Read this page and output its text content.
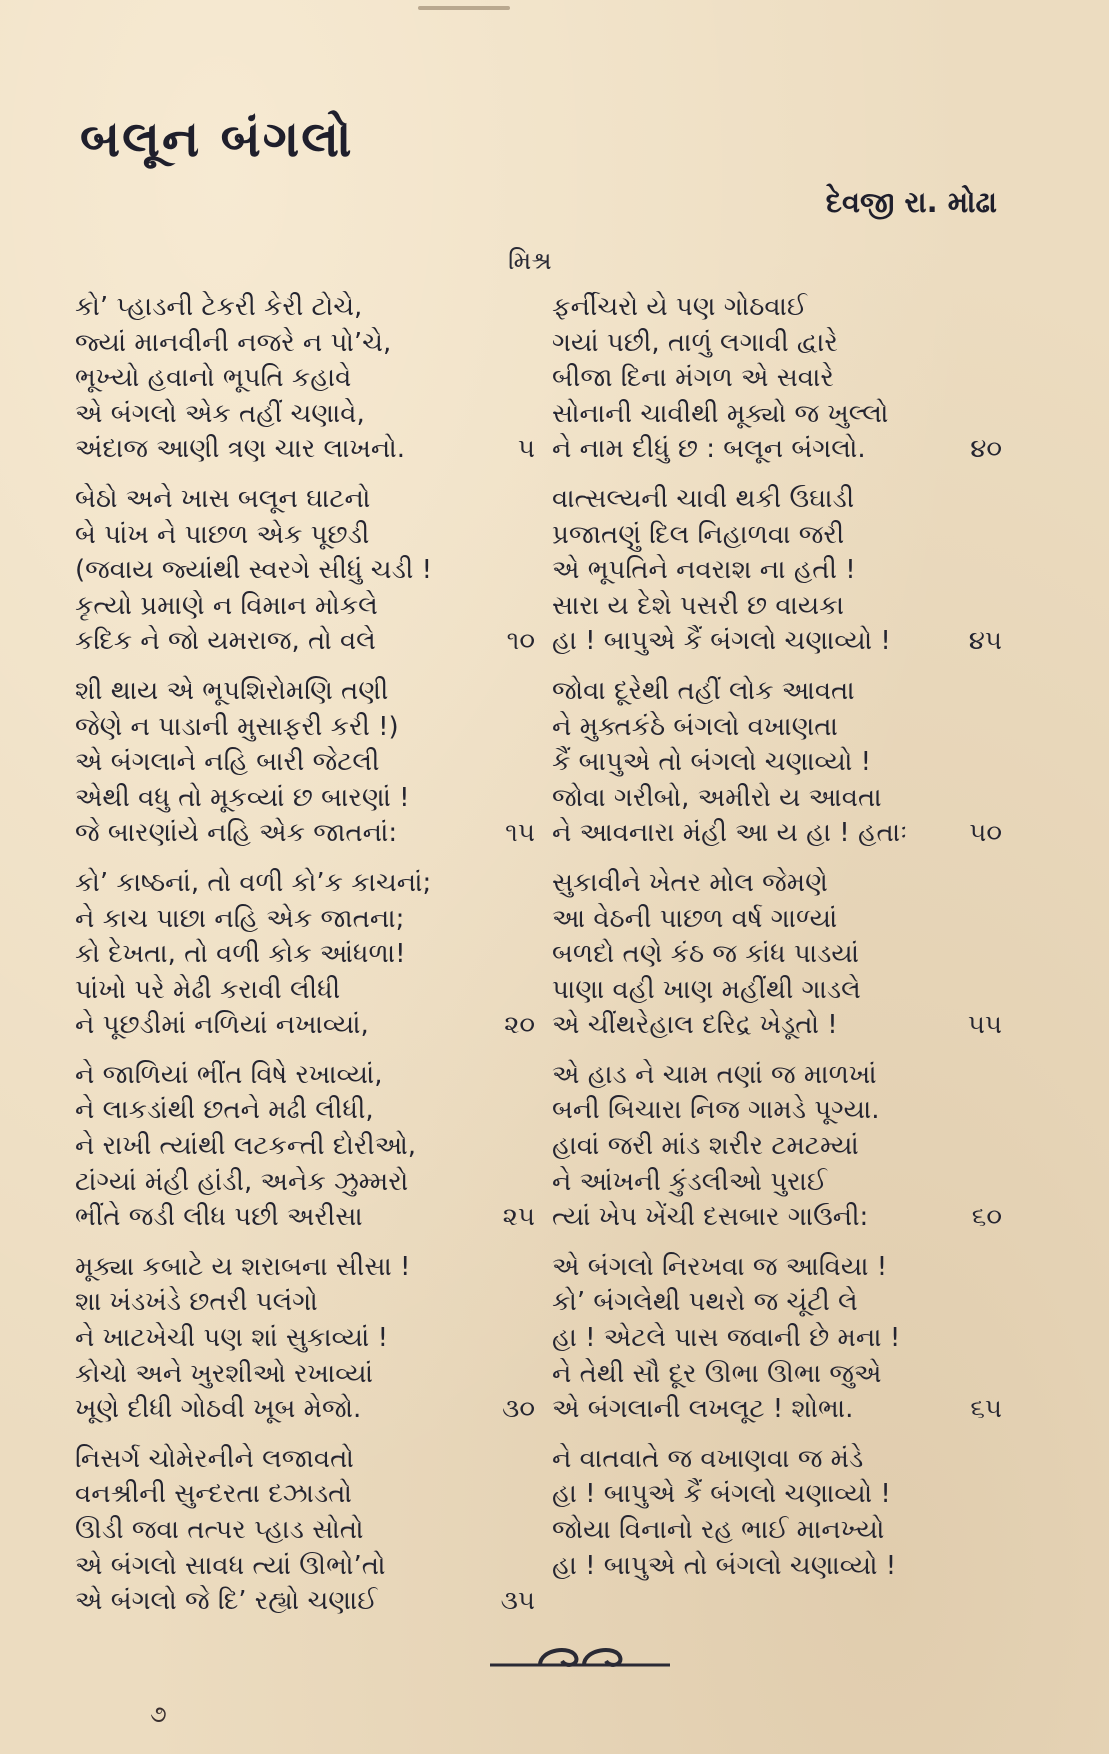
બલૂન બંગલો
દેવજી રા. મોઢા
મિશ્ર
કો’ પ્હાડની ટેકરી કેરી ટોચે,
જ્યાં માનવીની નજરે ન પો’ચે,
ભૂખ્યો હવાનો ભૂપતિ કહાવે
એ બંગલો એક તહીં ચણાવે,
અંદાજ આણી ત્રણ ચાર લાખનો.	૫
બેઠો અને ખાસ બલૂન ઘાટનો
બે પાંખ ને પાછળ એક પૂછડી
(જવાય જ્યાંથી સ્વરગે સીધું ચડી !
કૃત્યો પ્રમાણે ન વિમાન મોકલે
કદિક ને જો યમરાજ, તો વલે	૧૦
શી થાય એ ભૂપશિરોમણિ તણી
જેણે ન પાડાની મુસાફરી કરી !)
એ બંગલાને નહિ બારી જેટલી
એથી વધુ તો મૂકવ્યાં છ બારણાં !
જે બારણાંયે નહિ એક જાતનાં:	૧૫
કો’ કાષ્ઠનાં, તો વળી કો’ક કાચનાં;
ને કાચ પાછા નહિ એક જાતના;
કો દેખતા, તો વળી કોક આંધળા!
પાંખો પરે મેઢી કરાવી લીધી
ને પૂછડીમાં નળિયાં નખાવ્યાં,	૨૦
ને જાળિયાં ભીંત વિષે રખાવ્યાં,
ને લાકડાંથી છતને મઢી લીધી,
ને રાખી ત્યાંથી લટકન્તી દોરીઓ,
ટાંગ્યાં મંહી હાંડી, અનેક ઝુમ્મરો
ભીંતે જડી લીધ પછી અરીસા	૨૫
મૂક્યા કબાટે ય શરાબના સીસા !
શા ખંડખંડે છતરી પલંગો
ને ખાટખેચી પણ શાં સુકાવ્યાં !
કોચો અને ખુરશીઓ રખાવ્યાં
ખૂણે દીધી ગોઠવી ખૂબ મેજો.	૩૦
નિસર્ગ ચોમેરનીને લજાવતો
વનશ્રીની સુન્દરતા દઝાડતો
ઊડી જવા તત્પર પ્હાડ સોતો
એ બંગલો સાવધ ત્યાં ઊભો’તો
એ બંગલો જે દિ’ રહ્યો ચણાઈ	૩૫
ફર્નીચરો યે પણ ગોઠવાઈ
ગયાં પછી, તાળું લગાવી દ્વારે
બીજા દિના મંગળ એ સવારે
સોનાની ચાવીથી મૂક્યો જ ખુલ્લો
ને નામ દીધું છ : બલૂન બંગલો.	૪૦
વાત્સલ્યની ચાવી થકી ઉઘાડી
પ્રજાતણું દિલ નિહાળવા જરી
એ ભૂપતિને નવરાશ ના હતી !
સારા ય દેશે પસરી છ વાયકા
હા ! બાપુએ કૈં બંગલો ચણાવ્યો !	૪૫
જોવા દૂરેથી તહીં લોક આવતા
ને મુક્તકંઠે બંગલો વખાણતા
કૈં બાપુએ તો બંગલો ચણાવ્યો !
જોવા ગરીબો, અમીરો ય આવતા
ને આવનારા મંહી આ ય હા ! હતાઃ ૫૦
સુકાવીને ખેતર મોલ જેમણે
આ વેઠની પાછળ વર્ષ ગાળ્યાં
બળદો તણે કંઠ જ કાંધ પાડયાં
પાણા વહી ખાણ મહીંથી ગાડલે
એ ચીંથરેહાલ દરિદ્ર ખેડૂતો !	૫૫
એ હાડ ને ચામ તણાં જ માળખાં
બની બિચારા નિજ ગામડે પૂગ્યા.
હાવાં જરી માંડ શરીર ટમટમ્યાં
ને આંખની કુંડલીઓ પુરાઈ
ત્યાં ખેપ ખેંચી દસબાર ગાઉની:	૬૦
એ બંગલો નિરખવા જ આવિયા !
કો’ બંગલેથી પથરો જ ચૂંટી લે
હા ! એટલે પાસ જવાની છે મના !
ને તેથી સૌ દૂર ઊભા ઊભા જુએ
એ બંગલાની લખલૂટ ! શોભા.	૬૫
ને વાતવાતે જ વખાણવા જ મંડે
હા ! બાપુએ કૈં બંગલો ચણાવ્યો !
જોયા વિનાનો રહ ભાઈ માનખ્યો
હા ! બાપુએ તો બંગલો ચણાવ્યો !
૭
